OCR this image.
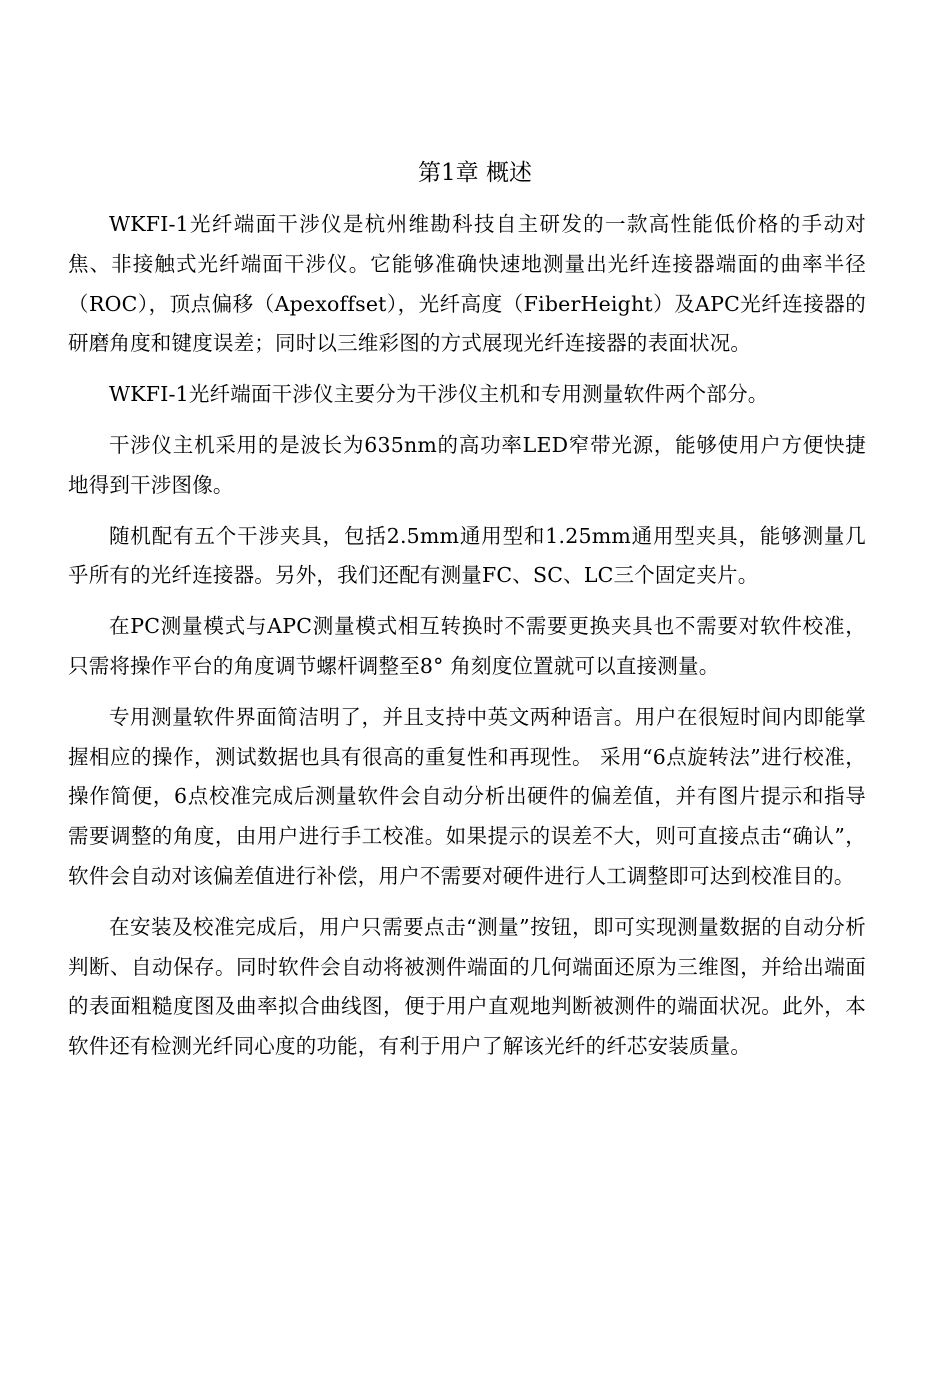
第1章 概述

WKFI-1光纤端面干涉仪是杭州维勘科技自主研发的一款高性能低价格的手动对焦、非接触式光纤端面干涉仪。它能够准确快速地测量出光纤连接器端面的曲率半径（ROC），顶点偏移（Apexoffset），光纤高度（FiberHeight）及APC光纤连接器的研磨角度和键度误差；同时以三维彩图的方式展现光纤连接器的表面状况。

WKFI-1光纤端面干涉仪主要分为干涉仪主机和专用测量软件两个部分。

干涉仪主机采用的是波长为635nm的高功率LED窄带光源，能够使用户方便快捷地得到干涉图像。

随机配有五个干涉夹具，包括2.5mm通用型和1.25mm通用型夹具，能够测量几乎所有的光纤连接器。另外，我们还配有测量FC、SC、LC三个固定夹片。

在PC测量模式与APC测量模式相互转换时不需要更换夹具也不需要对软件校准，只需将操作平台的角度调节螺杆调整至8° 角刻度位置就可以直接测量。

专用测量软件界面简洁明了，并且支持中英文两种语言。用户在很短时间内即能掌握相应的操作，测试数据也具有很高的重复性和再现性。 采用“6点旋转法”进行校准，操作简便，6点校准完成后测量软件会自动分析出硬件的偏差值，并有图片提示和指导需要调整的角度，由用户进行手工校准。如果提示的误差不大，则可直接点击“确认”，软件会自动对该偏差值进行补偿，用户不需要对硬件进行人工调整即可达到校准目的。

在安装及校准完成后，用户只需要点击“测量”按钮，即可实现测量数据的自动分析判断、自动保存。同时软件会自动将被测件端面的几何端面还原为三维图，并给出端面的表面粗糙度图及曲率拟合曲线图，便于用户直观地判断被测件的端面状况。此外，本软件还有检测光纤同心度的功能，有利于用户了解该光纤的纤芯安装质量。
